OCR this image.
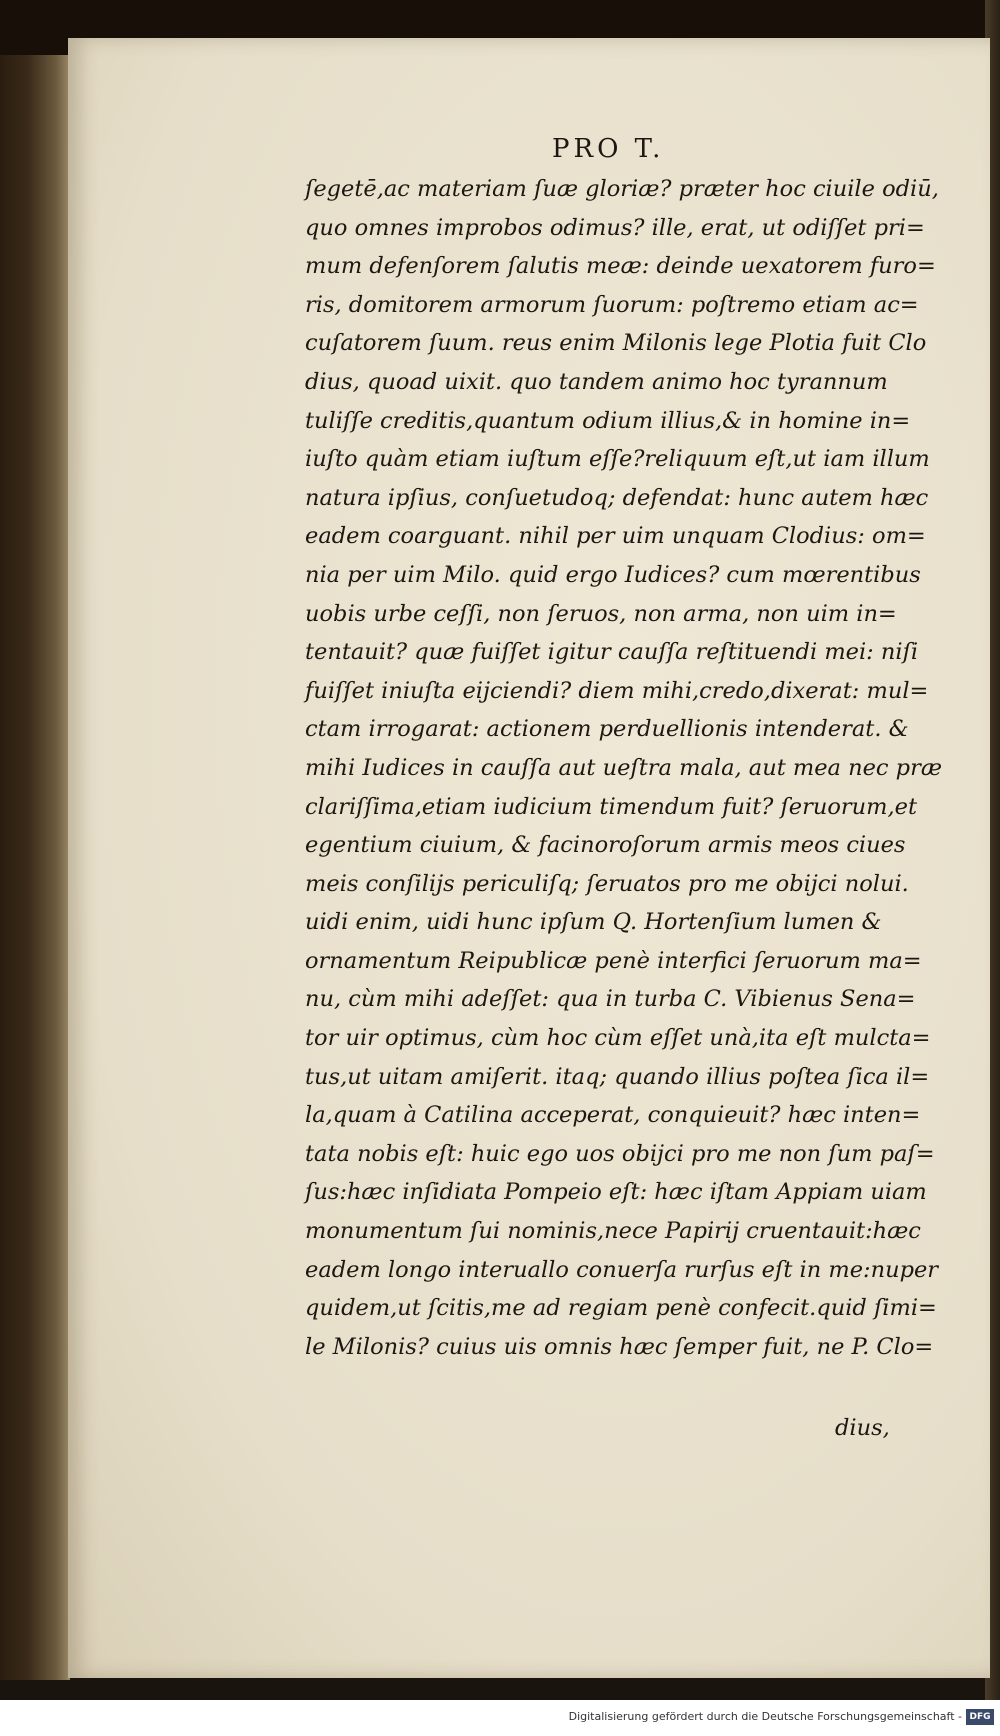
PRO T.
ſegetē,ac materiam ſuæ gloriæ? præter hoc ciuile odiū,
quo omnes improbos odimus? ille, erat, ut odiſſet pri=
mum defenſorem ſalutis meæ: deinde uexatorem furo=
ris, domitorem armorum ſuorum: poſtremo etiam ac=
cuſatorem ſuum. reus enim Milonis lege Plotia fuit Clo
dius, quoad uixit. quo tandem animo hoc tyrannum
tuliſſe creditis,quantum odium illius,& in homine in=
iuſto quàm etiam iuſtum eſſe?reliquum eſt,ut iam illum
natura ipſius, conſuetudoq; defendat: hunc autem hæc
eadem coarguant. nihil per uim unquam Clodius: om=
nia per uim Milo. quid ergo Iudices? cum mœrentibus
uobis urbe ceſſi, non ſeruos, non arma, non uim in=
tentauit? quæ fuiſſet igitur cauſſa reſtituendi mei: niſi
fuiſſet iniuſta eijciendi? diem mihi,credo,dixerat: mul=
ctam irrogarat: actionem perduellionis intenderat. &
mihi Iudices in cauſſa aut ueſtra mala, aut mea nec præ
clariſſima,etiam iudicium timendum fuit? ſeruorum,et
egentium ciuium, & facinoroſorum armis meos ciues
meis conſilijs periculiſq; ſeruatos pro me obijci nolui.
uidi enim, uidi hunc ipſum Q. Hortenſium lumen &
ornamentum Reipublicæ penè interfici ſeruorum ma=
nu, cùm mihi adeſſet: qua in turba C. Vibienus Sena=
tor uir optimus, cùm hoc cùm eſſet unà,ita eſt mulcta=
tus,ut uitam amiſerit. itaq; quando illius poſtea ſica il=
la,quam à Catilina acceperat, conquieuit? hæc inten=
tata nobis eſt: huic ego uos obijci pro me non ſum paſ=
ſus:hæc inſidiata Pompeio eſt: hæc iſtam Appiam uiam
monumentum ſui nominis,nece Papirij cruentauit:hæc
eadem longo interuallo conuerſa rurſus eſt in me:nuper
quidem,ut ſcitis,me ad regiam penè confecit.quid ſimi=
le Milonis? cuius uis omnis hæc ſemper fuit, ne P. Clo=
dius,
Digitalisierung gefördert durch die Deutsche Forschungsgemeinschaft - DFG
